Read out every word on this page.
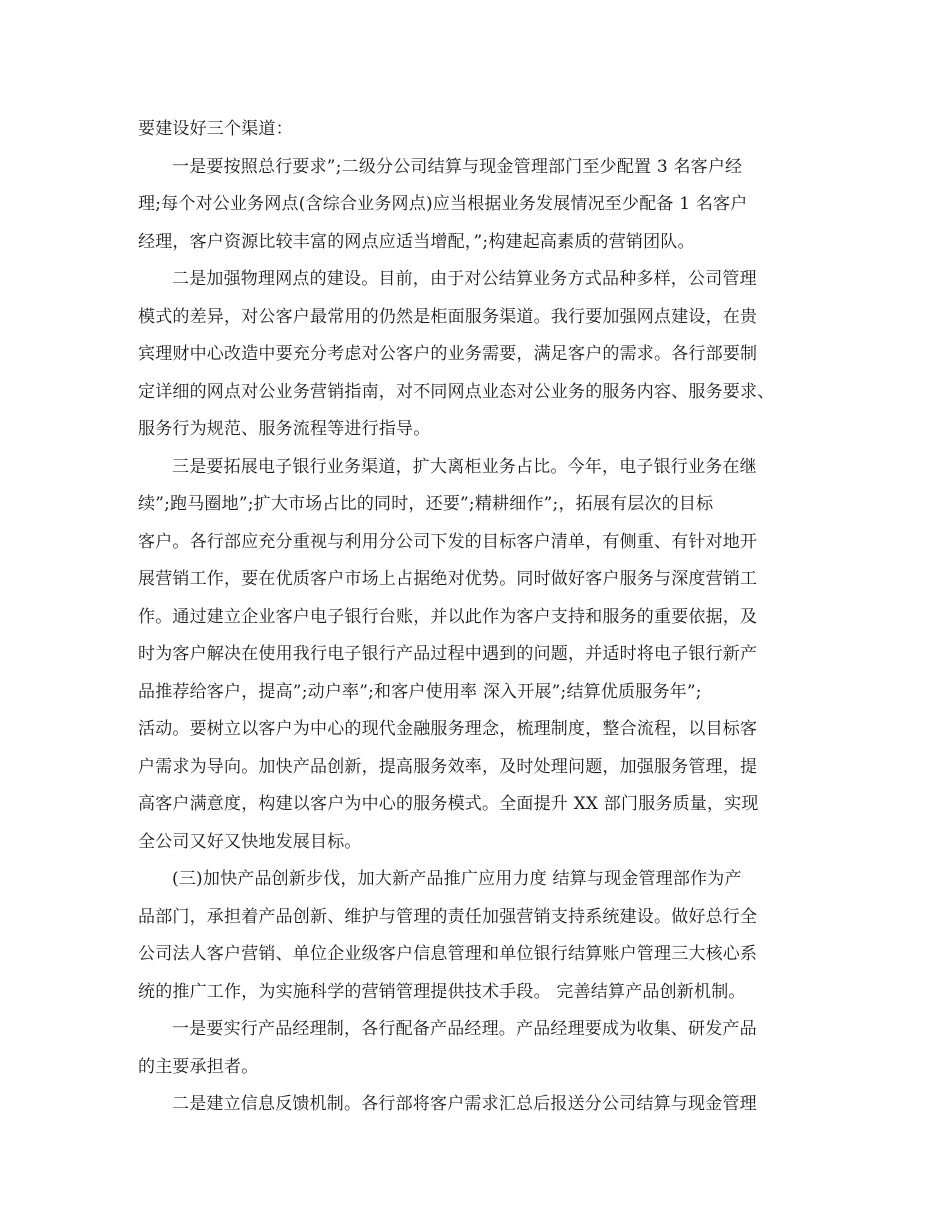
要建设好三个渠道：
一是要按照总行要求”;二级分公司结算与现金管理部门至少配置 3 名客户经
理;每个对公业务网点(含综合业务网点)应当根据业务发展情况至少配备 1 名客户
经理，客户资源比较丰富的网点应适当增配，”;构建起高素质的营销团队。
二是加强物理网点的建设。目前，由于对公结算业务方式品种多样，公司管理
模式的差异，对公客户最常用的仍然是柜面服务渠道。我行要加强网点建设，在贵
宾理财中心改造中要充分考虑对公客户的业务需要，满足客户的需求。各行部要制
定详细的网点对公业务营销指南，对不同网点业态对公业务的服务内容、服务要求、
服务行为规范、服务流程等进行指导。
三是要拓展电子银行业务渠道，扩大离柜业务占比。今年，电子银行业务在继
续”;跑马圈地”;扩大市场占比的同时，还要”;精耕细作”;，拓展有层次的目标
客户。各行部应充分重视与利用分公司下发的目标客户清单，有侧重、有针对地开
展营销工作，要在优质客户市场上占据绝对优势。同时做好客户服务与深度营销工
作。通过建立企业客户电子银行台账，并以此作为客户支持和服务的重要依据，及
时为客户解决在使用我行电子银行产品过程中遇到的问题，并适时将电子银行新产
品推荐给客户，提高”;动户率”;和客户使用率 深入开展”;结算优质服务年”;
活动。要树立以客户为中心的现代金融服务理念，梳理制度，整合流程，以目标客
户需求为导向。加快产品创新，提高服务效率，及时处理问题，加强服务管理，提
高客户满意度，构建以客户为中心的服务模式。全面提升 XX 部门服务质量，实现
全公司又好又快地发展目标。
(三)加快产品创新步伐，加大新产品推广应用力度 结算与现金管理部作为产
品部门，承担着产品创新、维护与管理的责任加强营销支持系统建设。做好总行全
公司法人客户营销、单位企业级客户信息管理和单位银行结算账户管理三大核心系
统的推广工作，为实施科学的营销管理提供技术手段。 完善结算产品创新机制。
一是要实行产品经理制，各行配备产品经理。产品经理要成为收集、研发产品
的主要承担者。
二是建立信息反馈机制。各行部将客户需求汇总后报送分公司结算与现金管理
